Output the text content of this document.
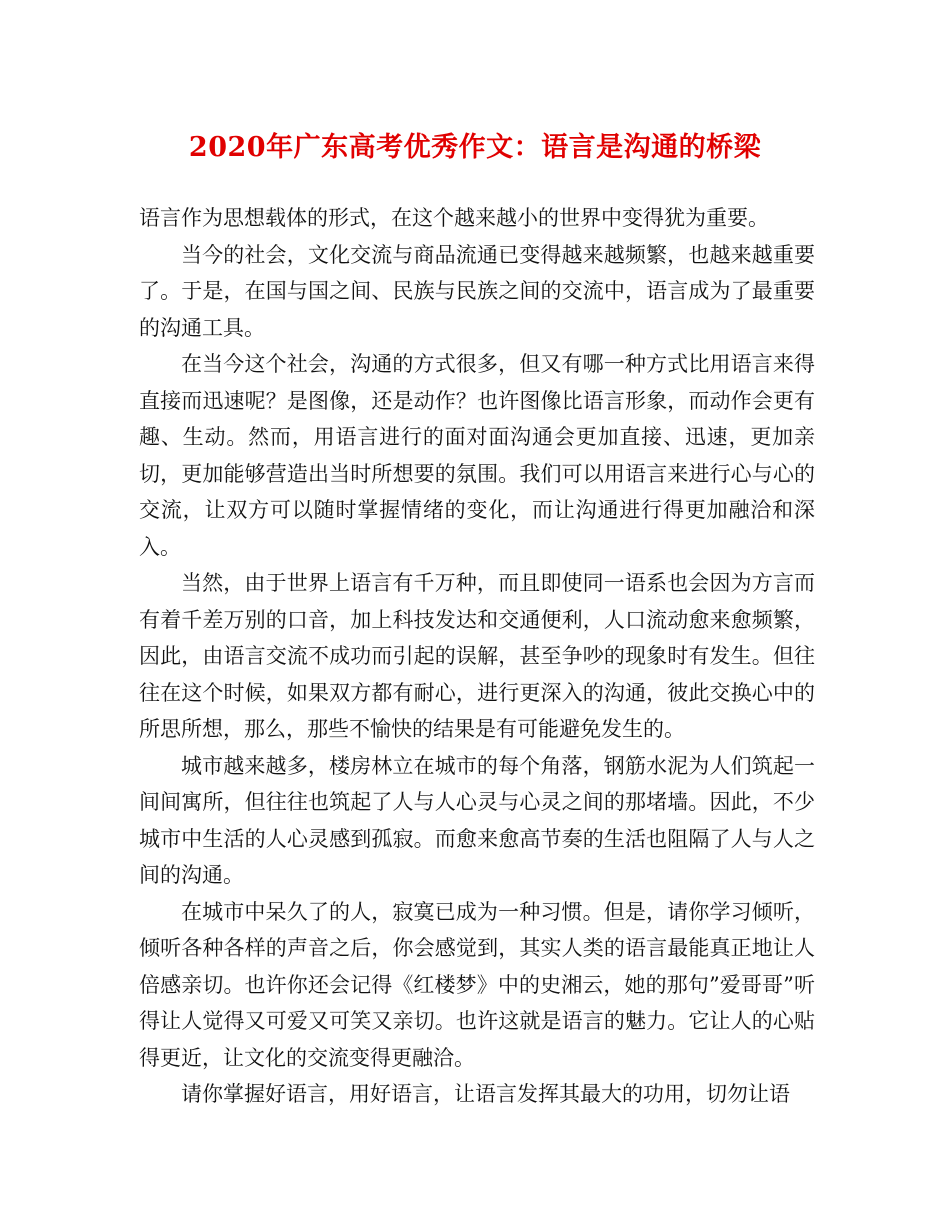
2020年广东高考优秀作文：语言是沟通的桥梁

语言作为思想载体的形式，在这个越来越小的世界中变得犹为重要。

当今的社会，文化交流与商品流通已变得越来越频繁，也越来越重要了。于是，在国与国之间、民族与民族之间的交流中，语言成为了最重要的沟通工具。

在当今这个社会，沟通的方式很多，但又有哪一种方式比用语言来得直接而迅速呢？是图像，还是动作？也许图像比语言形象，而动作会更有趣、生动。然而，用语言进行的面对面沟通会更加直接、迅速，更加亲切，更加能够营造出当时所想要的氛围。我们可以用语言来进行心与心的交流，让双方可以随时掌握情绪的变化，而让沟通进行得更加融洽和深入。

当然，由于世界上语言有千万种，而且即使同一语系也会因为方言而有着千差万别的口音，加上科技发达和交通便利，人口流动愈来愈频繁，因此，由语言交流不成功而引起的误解，甚至争吵的现象时有发生。但往往在这个时候，如果双方都有耐心，进行更深入的沟通，彼此交换心中的所思所想，那么，那些不愉快的结果是有可能避免发生的。

城市越来越多，楼房林立在城市的每个角落，钢筋水泥为人们筑起一间间寓所，但往往也筑起了人与人心灵与心灵之间的那堵墙。因此，不少城市中生活的人心灵感到孤寂。而愈来愈高节奏的生活也阻隔了人与人之间的沟通。

在城市中呆久了的人，寂寞已成为一种习惯。但是，请你学习倾听，倾听各种各样的声音之后，你会感觉到，其实人类的语言最能真正地让人倍感亲切。也许你还会记得《红楼梦》中的史湘云，她的那句”爱哥哥”听得让人觉得又可爱又可笑又亲切。也许这就是语言的魅力。它让人的心贴得更近，让文化的交流变得更融洽。

请你掌握好语言，用好语言，让语言发挥其最大的功用，切勿让语
